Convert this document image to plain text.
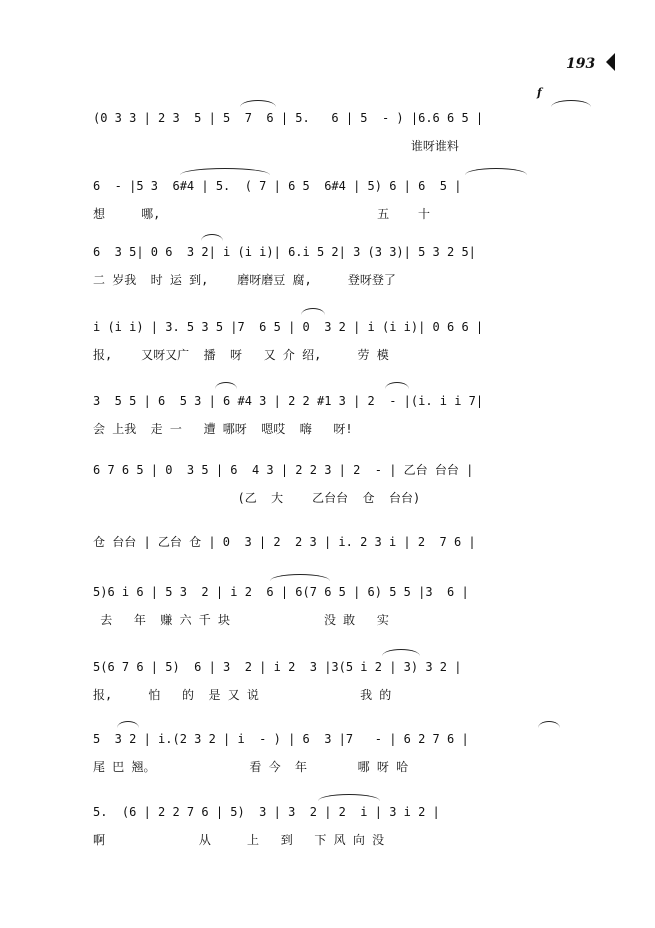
193
f
(0 3 3 | 2 3  5 | 5  7  6 | 5.   6 | 5  - ) |6.6 6 5 |
谁呀谁料
6  - |5 3  6#4 | 5.  ( 7 | 6 5  6#4 | 5) 6 | 6  5 |
想     哪,                              五    十
6  3 5| 0 6  3 2| i (i i)| 6.i 5 2| 3 (3 3)| 5 3 2 5|
二 岁我  时 运 到,    磨呀磨豆 腐,     登呀登了
i (i i) | 3. 5 3 5 |7  6 5 | 0  3 2 | i (i i)| 0 6 6 |
报,    又呀又广  播  呀   又 介 绍,     劳 模
3  5 5 | 6  5 3 | 6 #4 3 | 2 2 #1 3 | 2  - |(i. i i 7|
会 上我  走 一   遭 哪呀  嗯哎  嗨   呀!
6 7 6 5 | 0  3 5 | 6  4 3 | 2 2 3 | 2  - | 乙台 台台 |
(乙  大    乙台台  仓  台台)
仓 台台 | 乙台 仓 | 0  3 | 2  2 3 | i. 2 3 i | 2  7 6 |
5)6 i 6 | 5 3  2 | i 2  6 | 6(7 6 5 | 6) 5 5 |3  6 |
去   年  赚 六 千 块             没 敢   实
5(6 7 6 | 5)  6 | 3  2 | i 2  3 |3(5 i 2 | 3) 3 2 |
报,     怕   的  是 又 说              我 的
5  3 2 | i.(2 3 2 | i  - ) | 6  3 |7   - | 6 2 7 6 |
尾 巴 翘。             看 今  年       哪 呀 哈
5.  (6 | 2 2 7 6 | 5)  3 | 3  2 | 2  i | 3 i 2 |
啊             从     上   到   下 风 向 没
